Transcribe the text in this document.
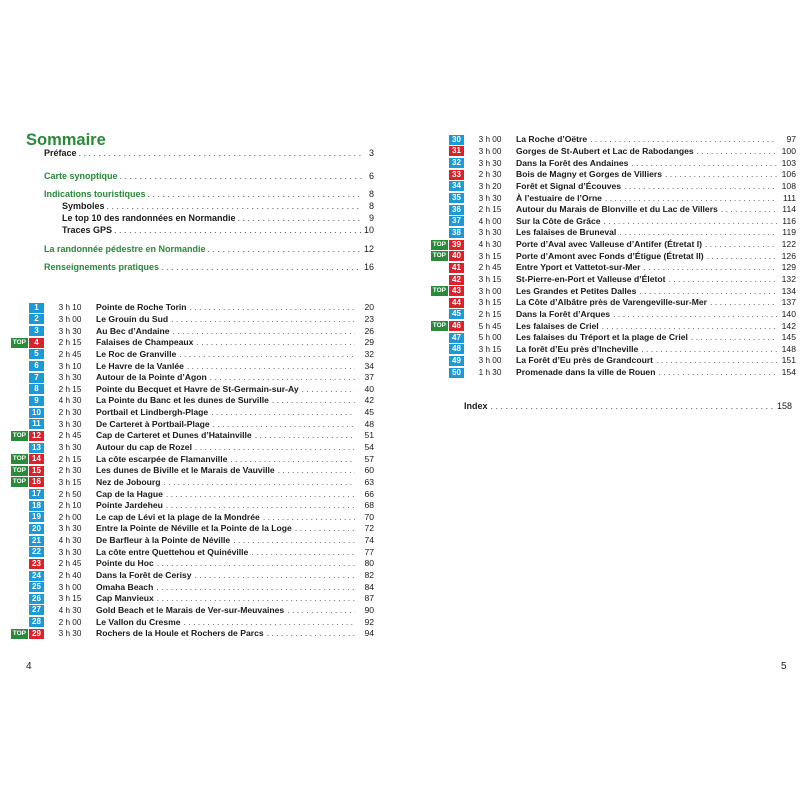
Sommaire
Préface . . .	3
Carte synoptique . . .	6
Indications touristiques . . .	8
Symboles . . .	8
Le top 10 des randonnées en Normandie . . .	9
Traces GPS . . .	10
La randonnée pédestre en Normandie . . .	12
Renseignements pratiques . . .	16
1	3 h 10	Pointe de Roche Torin . . .	20
2	3 h 00	Le Grouin du Sud . . .	23
3	3 h 30	Au Bec d’Andaine . . .	26
TOP	4	2 h 15	Falaises de Champeaux . . .	29
5	2 h 45	Le Roc de Granville . . .	32
6	3 h 10	Le Havre de la Vanlée . . .	34
7	3 h 30	Autour de la Pointe d’Agon . . .	37
8	2 h 15	Pointe du Becquet et Havre de St-Germain-sur-Ay . . .	40
9	4 h 30	La Pointe du Banc et les dunes de Surville . . .	42
10	2 h 30	Portbail et Lindbergh-Plage . . .	45
11	3 h 30	De Carteret à Portbail-Plage . . .	48
TOP 12	2 h 45	Cap de Carteret et Dunes d’Hatainville . . .	51
13	3 h 30	Autour du cap de Rozel . . .	54
TOP 14	2 h 15	La côte escarpée de Flamanville . . .	57
TOP 15	2 h 30	Les dunes de Biville et le Marais de Vauville . . .	60
TOP 16	3 h 15	Nez de Jobourg . . .	63
17	2 h 50	Cap de la Hague . . .	66
18	2 h 10	Pointe Jardeheu . . .	68
19	2 h 00	Le cap de Lévi et la plage de la Mondrée . . .	70
20	3 h 30	Entre la Pointe de Néville et la Pointe de la Loge . . .	72
21	4 h 30	De Barfleur à la Pointe de Néville . . .	74
22	3 h 30	La côte entre Quettehou et Quinéville . . .	77
23	2 h 45	Pointe du Hoc . . .	80
24	2 h 40	Dans la Forêt de Cerisy . . .	82
25	3 h 00	Omaha Beach . . .	84
26	3 h 15	Cap Manvieux . . .	87
27	4 h 30	Gold Beach et le Marais de Ver-sur-Meuvaines . . .	90
28	2 h 00	Le Vallon du Cresme . . .	92
TOP 29	3 h 30	Rochers de la Houle et Rochers de Parcs . . .	94
4	5
30	3 h 00	La Roche d’Oëtre . . .	97
31	3 h 00	Gorges de St-Aubert et Lac de Rabodanges . . .	100
32	3 h 30	Dans la Forêt des Andaines . . .	103
33	2 h 30	Bois de Magny et Gorges de Villiers . . .	106
34	3 h 20	Forêt et Signal d’Écouves . . .	108
35	3 h 30	À l’estuaire de l’Orne . . .	111
36	2 h 15	Autour du Marais de Blonville et du Lac de Villers . . .	114
37	4 h 00	Sur la Côte de Grâce . . .	116
38	3 h 30	Les falaises de Bruneval . . .	119
TOP 39	4 h 30	Porte d’Aval avec Valleuse d’Antifer (Étretat I) . . .	122
TOP 40	3 h 15	Porte d’Amont avec Fonds d’Étigue (Étretat II) . . .	126
41	2 h 45	Entre Yport et Vattetot-sur-Mer . . .	129
42	3 h 15	St-Pierre-en-Port et Valleuse d’Életot . . .	132
TOP 43	3 h 00	Les Grandes et Petites Dalles . . .	134
44	3 h 15	La Côte d’Albâtre près de Varengeville-sur-Mer . . .	137
45	2 h 15	Dans la Forêt d’Arques . . .	140
TOP 46	5 h 45	Les falaises de Criel . . .	142
47	5 h 00	Les falaises du Tréport et la plage de Criel . . .	145
48	3 h 15	La forêt d’Eu près d’Incheville . . .	148
49	3 h 00	La Forêt d’Eu près de Grandcourt . . .	151
50	1 h 30	Promenade dans la ville de Rouen . . .	154
Index . . .	158
